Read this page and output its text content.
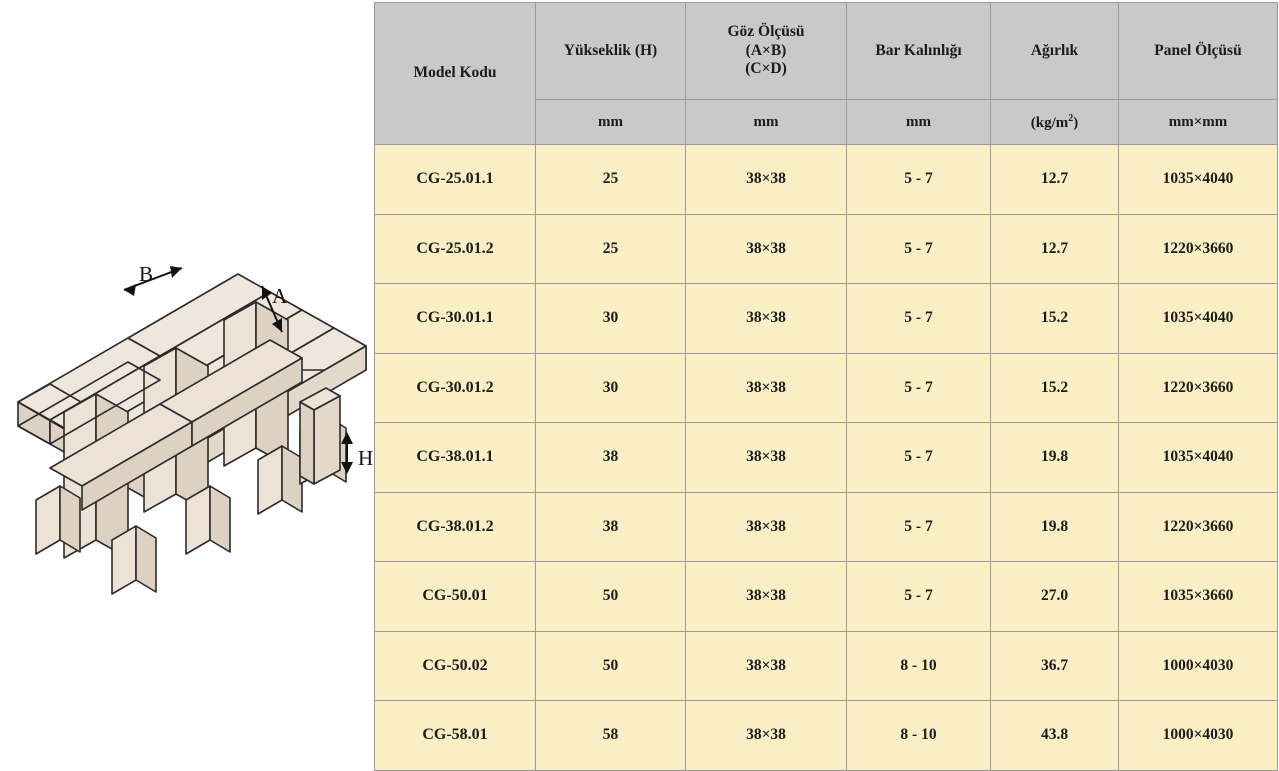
B
A
H
Model Kodu	Yükseklik (H)	Göz Ölçüsü
(A×B)
(C×D)	Bar Kalınlığı	Ağırlık	Panel Ölçüsü
	mm	mm	mm	$(kg/m^2)$	mm×mm
CG-25.01.1	25	38×38	5 - 7	12.7	1035×4040
CG-25.01.2	25	38×38	5 - 7	12.7	1220×3660
CG-30.01.1	30	38×38	5 - 7	15.2	1035×4040
CG-30.01.2	30	38×38	5 - 7	15.2	1220×3660
CG-38.01.1	38	38×38	5 - 7	19.8	1035×4040
CG-38.01.2	38	38×38	5 - 7	19.8	1220×3660
CG-50.01	50	38×38	5 - 7	27.0	1035×3660
CG-50.02	50	38×38	8 - 10	36.7	1000×4030
CG-58.01	58	38×38	8 - 10	43.8	1000×4030
